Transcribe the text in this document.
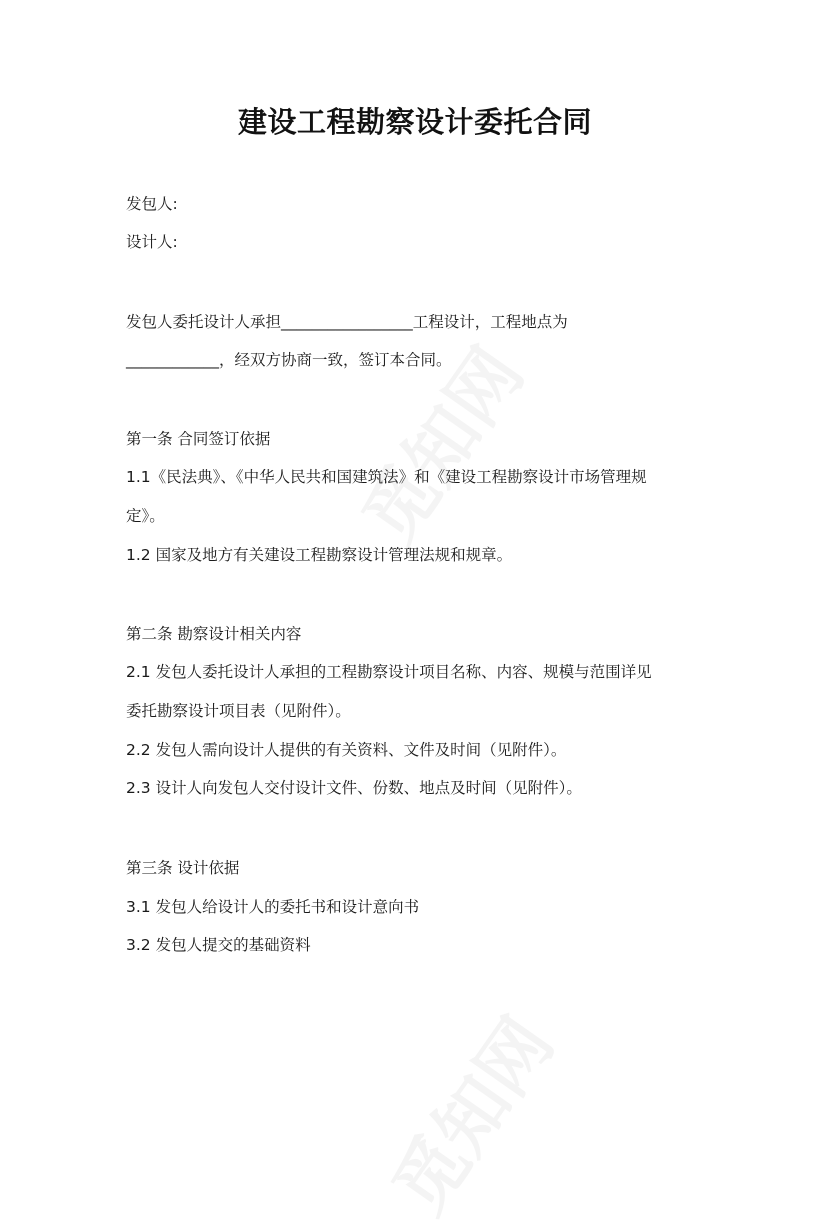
建设工程勘察设计委托合同
发包人:
设计人:
发包人委托设计人承担_________________工程设计，工程地点为
____________，经双方协商一致，签订本合同。
第一条 合同签订依据
1.1《民法典》、《中华人民共和国建筑法》和《建设工程勘察设计市场管理规
定》。
1.2 国家及地方有关建设工程勘察设计管理法规和规章。
第二条 勘察设计相关内容
2.1 发包人委托设计人承担的工程勘察设计项目名称、内容、规模与范围详见
委托勘察设计项目表（见附件）。
2.2 发包人需向设计人提供的有关资料、文件及时间（见附件）。
2.3 设计人向发包人交付设计文件、份数、地点及时间（见附件）。
第三条 设计依据
3.1 发包人给设计人的委托书和设计意向书
3.2 发包人提交的基础资料
